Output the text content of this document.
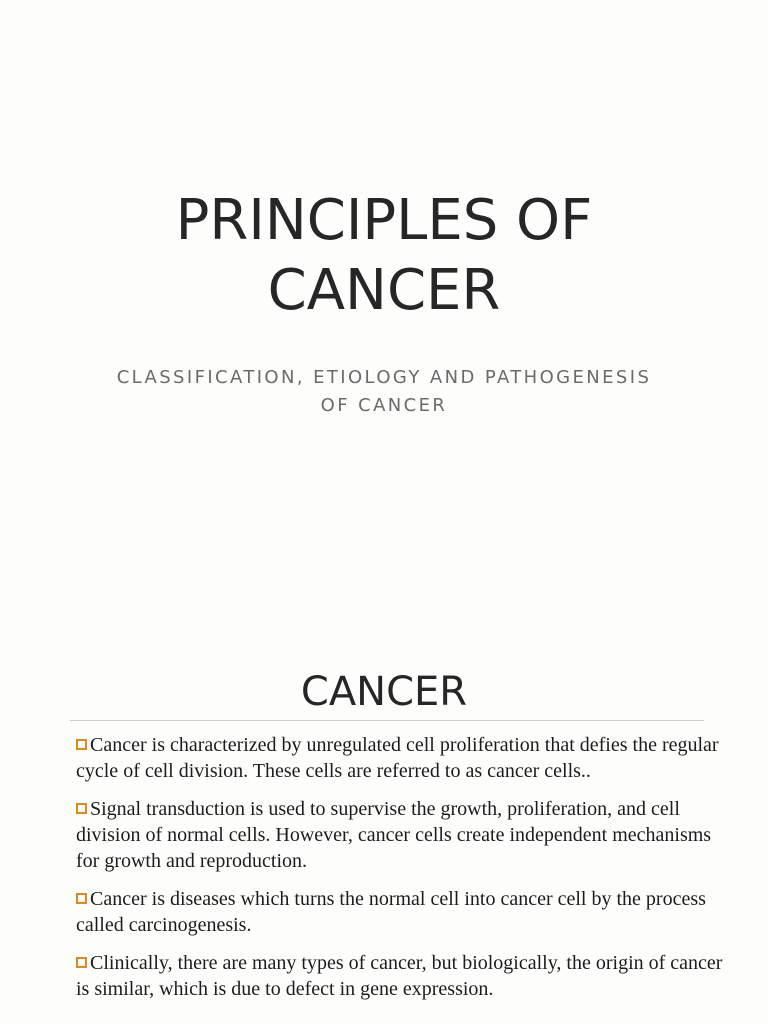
PRINCIPLES OF
CANCER

CLASSIFICATION, ETIOLOGY AND PATHOGENESIS
OF CANCER

CANCER
Cancer is characterized by unregulated cell proliferation that defies the regular cycle of cell division. These cells are referred to as cancer cells..
Signal transduction is used to supervise the growth, proliferation, and cell division of normal cells. However, cancer cells create independent mechanisms for growth and reproduction.
Cancer is diseases which turns the normal cell into cancer cell by the process called carcinogenesis.
Clinically, there are many types of cancer, but biologically, the origin of cancer is similar, which is due to defect in gene expression.
